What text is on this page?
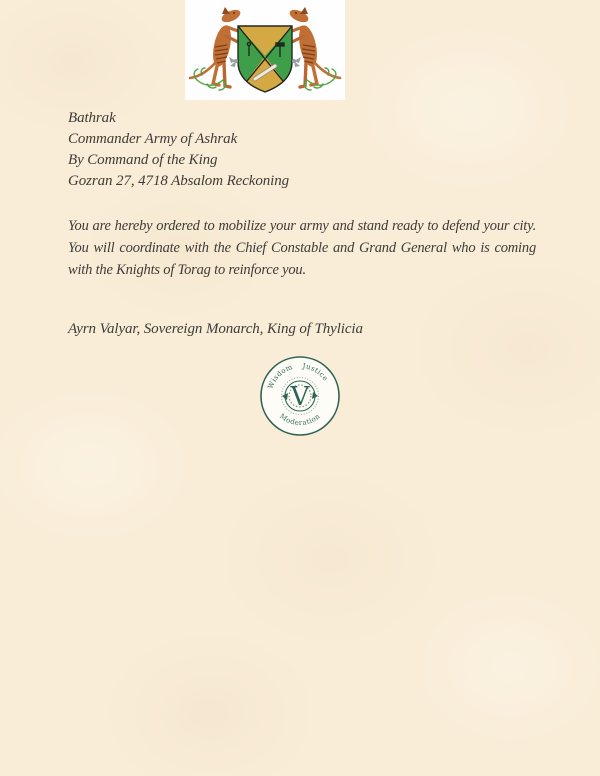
Bathrak
Commander Army of Ashrak
By Command of the King
Gozran 27, 4718 Absalom Reckoning

You are hereby ordered to mobilize your army and stand ready to defend your city. You will coordinate with the Chief Constable and Grand General who is coming with the Knights of Torag to reinforce you.

Ayrn Valyar, Sovereign Monarch, King of Thylicia
Wisdom	Justice
Moderation
V
